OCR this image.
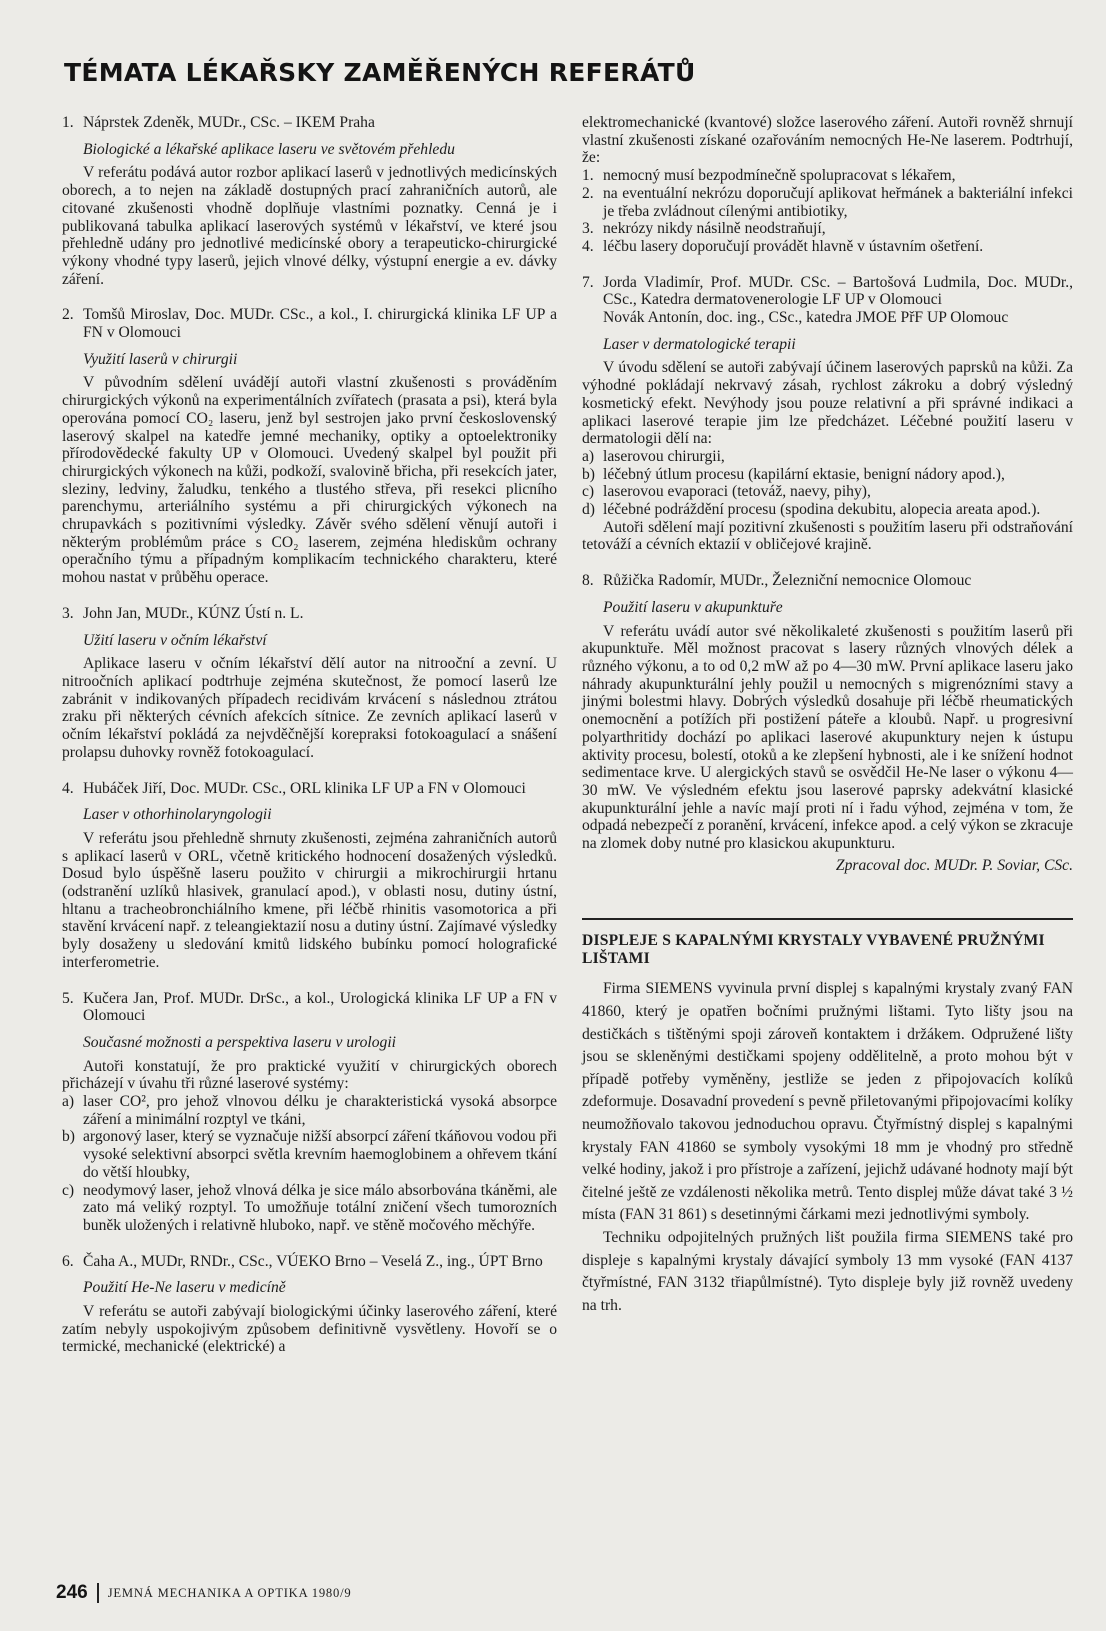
TÉMATA LÉKAŘSKY ZAMĚŘENÝCH REFERÁTŮ
1. Náprstek Zdeněk, MUDr., CSc. – IKEM Praha
Biologické a lékařské aplikace laseru ve světovém přehledu

V referátu podává autor rozbor aplikací laserů v jednotlivých medicínských oborech, a to nejen na základě dostupných prací zahraničních autorů, ale citované zkušenosti vhodně doplňuje vlastními poznatky. Cenná je i publikovaná tabulka aplikací laserových systémů v lékařství, ve které jsou přehledně udány pro jednotlivé medicínské obory a terapeuticko-chirurgické výkony vhodné typy laserů, jejich vlnové délky, výstupní energie a ev. dávky záření.

2. Tomšů Miroslav, Doc. MUDr. CSc., a kol., I. chirurgická klinika LF UP a FN v Olomouci
Využití laserů v chirurgii

V původním sdělení uvádějí autoři vlastní zkušenosti s prováděním chirurgických výkonů na experimentálních zvířatech (prasata a psi), která byla operována pomocí CO₂ laseru, jenž byl sestrojen jako první československý laserový skalpel na katedře jemné mechaniky, optiky a optoelektroniky přírodovědecké fakulty UP v Olomouci. Uvedený skalpel byl použit při chirurgických výkonech na kůži, podkoží, svalovině břicha, při resekcích jater, sleziny, ledviny, žaludku, tenkého a tlustého střeva, při resekci plicního parenchymu, arteriálního systému a při chirurgických výkonech na chrupavkách s pozitivními výsledky. Závěr svého sdělení věnují autoři i některým problémům práce s CO₂ laserem, zejména hlediskům ochrany operačního týmu a případným komplikacím technického charakteru, které mohou nastat v průběhu operace.

3. John Jan, MUDr., KÚNZ Ústí n. L.
Užití laseru v očním lékařství

Aplikace laseru v očním lékařství dělí autor na nitrooční a zevní. U nitroočních aplikací podtrhuje zejména skutečnost, že pomocí laserů lze zabránit v indikovaných případech recidivám krvácení s následnou ztrátou zraku při některých cévních afekcích sítnice. Ze zevních aplikací laserů v očním lékařství pokládá za nejvděčnější korepraksi fotokoagulací a snášení prolapsu duhovky rovněž fotokoagulací.

4. Hubáček Jiří, Doc. MUDr. CSc., ORL klinika LF UP a FN v Olomouci
Laser v othorhinolaryngologii

V referátu jsou přehledně shrnuty zkušenosti, zejména zahraničních autorů s aplikací laserů v ORL, včetně kritického hodnocení dosažených výsledků. Dosud bylo úspěšně laseru použito v chirurgii a mikrochirurgii hrtanu (odstranění uzlíků hlasivek, granulací apod.), v oblasti nosu, dutiny ústní, hltanu a tracheobronchiálního kmene, při léčbě rhinitis vasomotorica a při stavění krvácení např. z teleangiektazií nosu a dutiny ústní. Zajímavé výsledky byly dosaženy u sledování kmitů lidského bubínku pomocí holografické interferometrie.

5. Kučera Jan, Prof. MUDr. DrSc., a kol., Urologická klinika LF UP a FN v Olomouci
Současné možnosti a perspektiva laseru v urologii

Autoři konstatují, že pro praktické využití v chirurgických oborech přicházejí v úvahu tři různé laserové systémy:

a) laser CO², pro jehož vlnovou délku je charakteristická vysoká absorpce záření a minimální rozptyl ve tkáni,
b) argonový laser, který se vyznačuje nižší absorpcí záření tkáňovou vodou při vysoké selektivní absorpci světla krevním haemoglobinem a ohřevem tkání do větší hloubky,
c) neodymový laser, jehož vlnová délka je sice málo absorbována tkáněmi, ale zato má veliký rozptyl. To umožňuje totální zničení všech tumorozních buněk uložených i relativně hluboko, např. ve stěně močového měchýře.
6. Čaha A., MUDr, RNDr., CSc., VÚEKO Brno – Veselá Z., ing., ÚPT Brno
Použití He-Ne laseru v medicíně

V referátu se autoři zabývají biologickými účinky laserového záření, které zatím nebyly uspokojivým způsobem definitivně vysvětleny. Hovoří se o termické, mechanické (elektrické) a

elektromechanické (kvantové) složce laserového záření. Autoři rovněž shrnují vlastní zkušenosti získané ozařováním nemocných He-Ne laserem. Podtrhují, že:

1. nemocný musí bezpodmínečně spolupracovat s lékařem,
2. na eventuální nekrózu doporučují aplikovat heřmánek a bakteriální infekci je třeba zvládnout cílenými antibiotiky,
3. nekrózy nikdy násilně neodstraňují,
4. léčbu lasery doporučují provádět hlavně v ústavním ošetření.
7. Jorda Vladimír, Prof. MUDr. CSc. – Bartošová Ludmila, Doc. MUDr., CSc., Katedra dermatovenerologie LF UP v Olomouci
Novák Antonín, doc. ing., CSc., katedra JMOE PřF UP Olomouc
Laser v dermatologické terapii

V úvodu sdělení se autoři zabývají účinem laserových paprsků na kůži. Za výhodné pokládají nekrvavý zásah, rychlost zákroku a dobrý výsledný kosmetický efekt. Nevýhody jsou pouze relativní a při správné indikaci a aplikaci laserové terapie jim lze předcházet. Léčebné použití laseru v dermatologii dělí na:

a) laserovou chirurgii,
b) léčebný útlum procesu (kapilární ektasie, benigní nádory apod.),
c) laserovou evaporaci (tetováž, naevy, pihy),
d) léčebné podráždění procesu (spodina dekubitu, alopecia areata apod.).

Autoři sdělení mají pozitivní zkušenosti s použitím laseru při odstraňování tetováží a cévních ektazií v obličejové krajině.

8. Růžička Radomír, MUDr., Železniční nemocnice Olomouc
Použití laseru v akupunktuře

V referátu uvádí autor své několikaleté zkušenosti s použitím laserů při akupunktuře. Měl možnost pracovat s lasery různých vlnových délek a různého výkonu, a to od 0,2 mW až po 4—30 mW. První aplikace laseru jako náhrady akupunkturální jehly použil u nemocných s migrenózními stavy a jinými bolestmi hlavy. Dobrých výsledků dosahuje při léčbě rheumatických onemocnění a potížích při postižení páteře a kloubů. Např. u progresivní polyarthritidy dochází po aplikaci laserové akupunktury nejen k ústupu aktivity procesu, bolestí, otoků a ke zlepšení hybnosti, ale i ke snížení hodnot sedimentace krve. U alergických stavů se osvědčil He-Ne laser o výkonu 4—30 mW. Ve výsledném efektu jsou laserové paprsky adekvátní klasické akupunkturální jehle a navíc mají proti ní i řadu výhod, zejména v tom, že odpadá nebezpečí z poranění, krvácení, infekce apod. a celý výkon se zkracuje na zlomek doby nutné pro klasickou akupunkturu.

Zpracoval doc. MUDr. P. Soviar, CSc.
DISPLEJE S KAPALNÝMI KRYSTALY VYBAVENÉ PRUŽNÝMI LIŠTAMI

Firma SIEMENS vyvinula první displej s kapalnými krystaly zvaný FAN 41860, který je opatřen bočními pružnými lištami. Tyto lišty jsou na destičkách s tištěnými spoji zároveň kontaktem i držákem. Odpružené lišty jsou se skleněnými destičkami spojeny oddělitelně, a proto mohou být v případě potřeby vyměněny, jestliže se jeden z připojovacích kolíků zdeformuje. Dosavadní provedení s pevně přiletovanými připojovacími kolíky neumožňovalo takovou jednoduchou opravu. Čtyřmístný displej s kapalnými krystaly FAN 41860 se symboly vysokými 18 mm je vhodný pro středně velké hodiny, jakož i pro přístroje a zařízení, jejichž udávané hodnoty mají být čitelné ještě ze vzdálenosti několika metrů. Tento displej může dávat také 3 ½ místa (FAN 31 861) s desetinnými čárkami mezi jednotlivými symboly.

Techniku odpojitelných pružných lišt použila firma SIEMENS také pro displeje s kapalnými krystaly dávající symboly 13 mm vysoké (FAN 4137 čtyřmístné, FAN 3132 třiapůlmístné). Tyto displeje byly již rovněž uvedeny na trh.

246 JEMNÁ MECHANIKA A OPTIKA 1980/9
